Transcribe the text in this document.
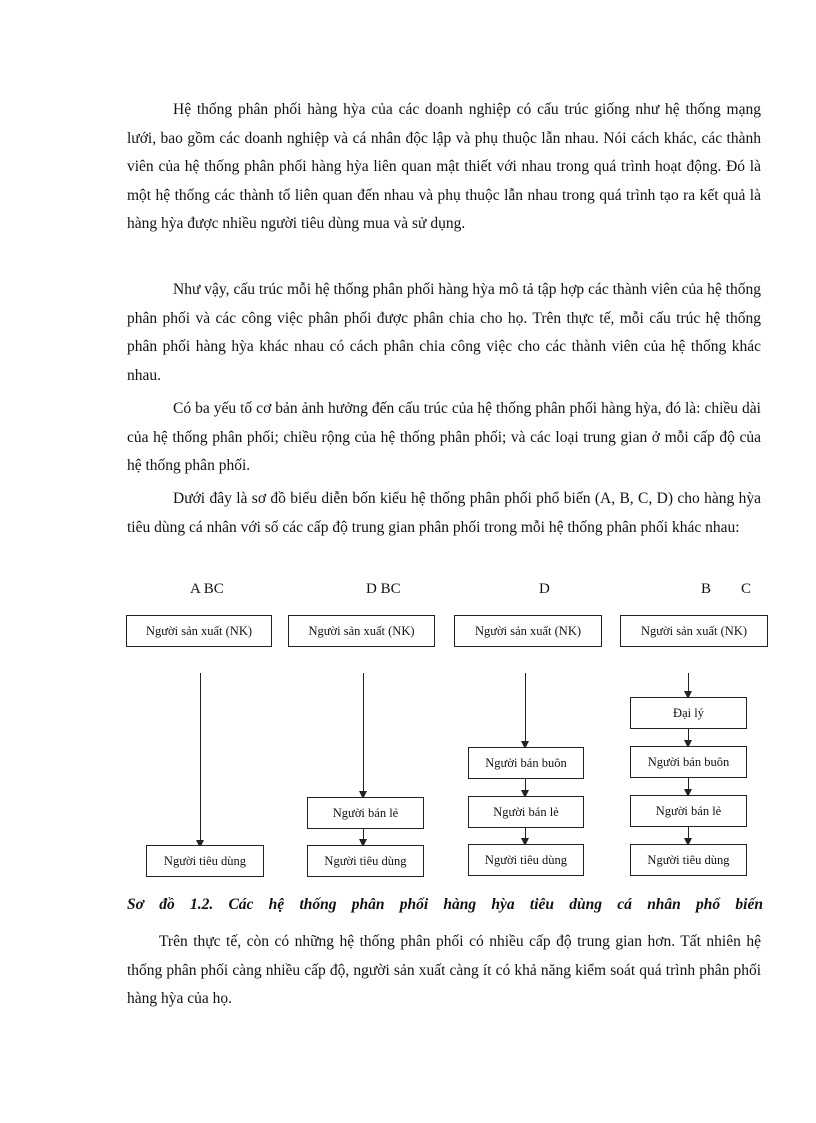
Hệ thống phân phối hàng hỳa của các doanh nghiệp có cấu trúc giống như hệ thống mạng lưới, bao gồm các doanh nghiệp và cá nhân độc lập và phụ thuộc lẫn nhau. Nói cách khác, các thành viên của hệ thống phân phối hàng hỳa liên quan mật thiết với nhau trong quá trình hoạt động. Đó là một hệ thống các thành tố liên quan đến nhau và phụ thuộc lẫn nhau trong quá trình tạo ra kết quả là hàng hỳa được nhiều người tiêu dùng mua và sử dụng.

Như vậy, cấu trúc mỗi hệ thống phân phối hàng hỳa mô tả tập hợp các thành viên của hệ thống phân phối và các công việc phân phối được phân chia cho họ. Trên thực tế, mỗi cấu trúc hệ thống phân phối hàng hỳa khác nhau có cách phân chia công việc cho các thành viên của hệ thống khác nhau.

Có ba yếu tố cơ bản ảnh hưởng đến cấu trúc của hệ thống phân phối hàng hỳa, đó là: chiều dài của hệ thống phân phối; chiều rộng của hệ thống phân phối; và các loại trung gian ở mỗi cấp độ của hệ thống phân phối.

Dưới đây là sơ đồ biểu diễn bốn kiểu hệ thống phân phối phổ biến (A, B, C, D) cho hàng hỳa tiêu dùng cá nhân với số các cấp độ trung gian phân phối trong mỗi hệ thống phân phối khác nhau:

A BC	D BC	D	B        C
Người sản xuất (NK)	Người sản xuất (NK)	Người sản xuất (NK)	Người sản xuất (NK)
Người tiêu dùng
Người bán lẻ
Người tiêu dùng
Người bán buôn
Người bán lẻ
Người tiêu dùng
Đại lý
Người bán buôn
Người bán lẻ
Người tiêu dùng

Sơ đồ 1.2. Các hệ thống phân phối hàng hỳa tiêu dùng cá nhân phổ biến

Trên thực tế, còn có những hệ thống phân phối có nhiều cấp độ trung gian hơn. Tất nhiên hệ thống phân phối càng nhiều cấp độ, người sản xuất càng ít có khả năng kiểm soát quá trình phân phối hàng hỳa của họ.
